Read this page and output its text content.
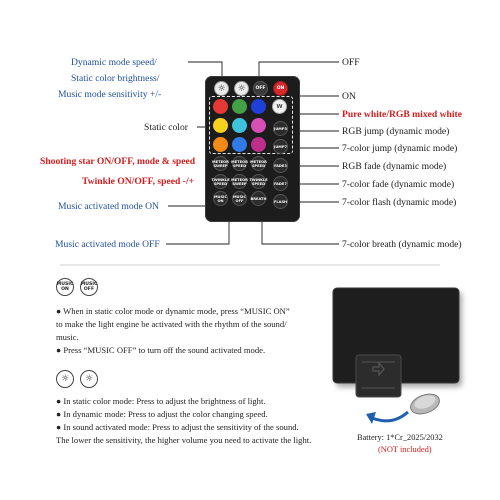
Dynamic mode speed/
Static color brightness/
Music mode sensitivity +/-
Static color
Shooting star ON/OFF, mode & speed
Twinkle ON/OFF, speed -/+
Music activated mode ON
Music activated mode OFF
OFF
ON
Pure white/RGB mixed white
RGB jump (dynamic mode)
7-color jump (dynamic mode)
RGB fade (dynamic mode)
7-color fade (dynamic mode)
7-color flash (dynamic mode)
7-color breath (dynamic mode)
☼	☼	OFF	ON
W
JUMP3
JUMP7
FADE3
FADE7
FLASH
METEOR SWEEP
METEOR SPEED
METEOR SPEED
TWINKLE SPEED
METEOR SWEEP
TWINKLE SPEED
MUSIC ON
MUSIC OFF	BREATH
MUSIC ON
MUSIC OFF
● When in static color mode or dynamic mode, press “MUSIC ON”
to make the light engine be activated with the rhythm of the sound/
music.
● Press “MUSIC OFF” to turn off the sound activated mode.
☼	☼
● In static color mode: Press to adjust the brightness of light.
● In dynamic mode: Press to adjust the color changing speed.
● In sound activated mode: Press to adjust the sensitivity of the sound.
The lower the sensitivity, the higher volume you need to activate the light.	Battery: 1*Cr_2025/2032
(NOT included)
